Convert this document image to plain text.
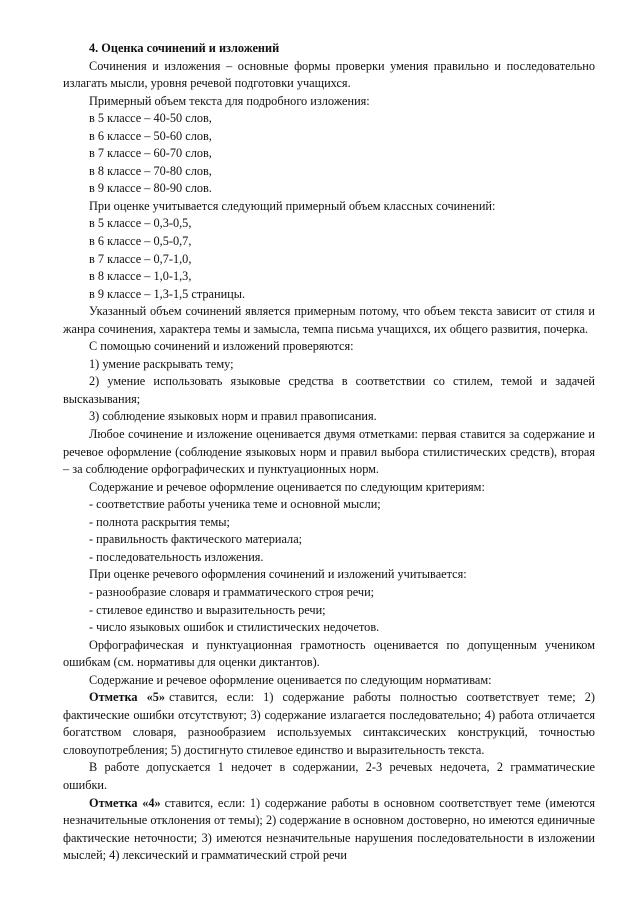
4. Оценка сочинений и изложений

Сочинения и изложения – основные формы проверки умения правильно и последовательно излагать мысли, уровня речевой подготовки учащихся.

Примерный объем текста для подробного изложения:

в 5 классе – 40-50 слов,

в 6 классе – 50-60 слов,

в 7 классе – 60-70 слов,

в 8 классе – 70-80 слов,

в 9 классе – 80-90 слов.

При оценке учитывается следующий примерный объем классных сочинений:

в 5 классе – 0,3-0,5,

в 6 классе – 0,5-0,7,

в 7 классе – 0,7-1,0,

в 8 классе – 1,0-1,3,

в 9 классе – 1,3-1,5 страницы.

Указанный объем сочинений является примерным потому, что объем текста зависит от стиля и жанра сочинения, характера темы и замысла, темпа письма учащихся, их общего развития, почерка.

С помощью сочинений и изложений проверяются:

1) умение раскрывать тему;

2) умение использовать языковые средства в соответствии со стилем, темой и задачей высказывания;

3) соблюдение языковых норм и правил правописания.

Любое сочинение и изложение оценивается двумя отметками: первая ставится за содержание и речевое оформление (соблюдение языковых норм и правил выбора стилистических средств), вторая – за соблюдение орфографических и пунктуационных норм.

Содержание и речевое оформление оценивается по следующим критериям:

- соответствие работы ученика теме и основной мысли;

- полнота раскрытия темы;

- правильность фактического материала;

- последовательность изложения.

При оценке речевого оформления сочинений и изложений учитывается:

- разнообразие словаря и грамматического строя речи;

- стилевое единство и выразительность речи;

- число языковых ошибок и стилистических недочетов.

Орфографическая и пунктуационная грамотность оценивается по допущенным учеником ошибкам (см. нормативы для оценки диктантов).

Содержание и речевое оформление оценивается по следующим нормативам:

Отметка «5» ставится, если: 1) содержание работы полностью соответствует теме; 2) фактические ошибки отсутствуют; 3) содержание излагается последовательно; 4) работа отличается богатством словаря, разнообразием используемых синтаксических конструкций, точностью словоупотребления; 5) достигнуто стилевое единство и выразительность текста.

В работе допускается 1 недочет в содержании, 2-3 речевых недочета, 2 грамматические ошибки.

Отметка «4» ставится, если: 1) содержание работы в основном соответствует теме (имеются незначительные отклонения от темы); 2) содержание в основном достоверно, но имеются единичные фактические неточности; 3) имеются незначительные нарушения последовательности в изложении мыслей; 4) лексический и грамматический строй речи
